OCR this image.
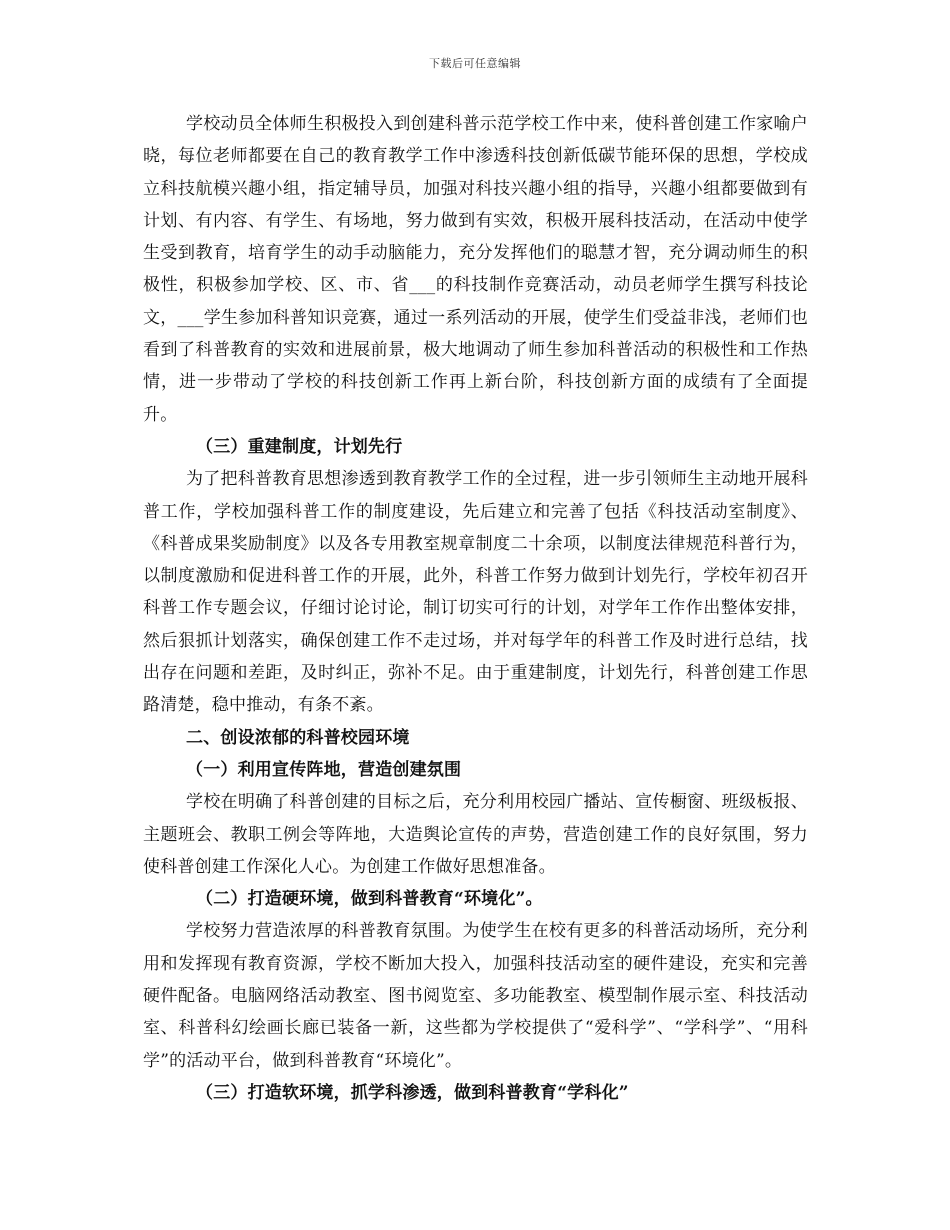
下载后可任意编辑

学校动员全体师生积极投入到创建科普示范学校工作中来，使科普创建工作家喻户晓，每位老师都要在自己的教育教学工作中渗透科技创新低碳节能环保的思想，学校成立科技航模兴趣小组，指定辅导员，加强对科技兴趣小组的指导，兴趣小组都要做到有计划、有内容、有学生、有场地，努力做到有实效，积极开展科技活动，在活动中使学生受到教育，培育学生的动手动脑能力，充分发挥他们的聪慧才智，充分调动师生的积极性，积极参加学校、区、市、省___的科技制作竞赛活动，动员老师学生撰写科技论文，___学生参加科普知识竞赛，通过一系列活动的开展，使学生们受益非浅，老师们也看到了科普教育的实效和进展前景，极大地调动了师生参加科普活动的积极性和工作热情，进一步带动了学校的科技创新工作再上新台阶，科技创新方面的成绩有了全面提升。

（三）重建制度，计划先行

为了把科普教育思想渗透到教育教学工作的全过程，进一步引领师生主动地开展科普工作，学校加强科普工作的制度建设，先后建立和完善了包括《科技活动室制度》、《科普成果奖励制度》以及各专用教室规章制度二十余项，以制度法律规范科普行为，以制度激励和促进科普工作的开展，此外，科普工作努力做到计划先行，学校年初召开科普工作专题会议，仔细讨论讨论，制订切实可行的计划，对学年工作作出整体安排，然后狠抓计划落实，确保创建工作不走过场，并对每学年的科普工作及时进行总结，找出存在问题和差距，及时纠正，弥补不足。由于重建制度，计划先行，科普创建工作思路清楚，稳中推动，有条不紊。

二、创设浓郁的科普校园环境

（一）利用宣传阵地，营造创建氛围

学校在明确了科普创建的目标之后，充分利用校园广播站、宣传橱窗、班级板报、主题班会、教职工例会等阵地，大造舆论宣传的声势，营造创建工作的良好氛围，努力使科普创建工作深化人心。为创建工作做好思想准备。

（二）打造硬环境，做到科普教育“环境化”。

学校努力营造浓厚的科普教育氛围。为使学生在校有更多的科普活动场所，充分利用和发挥现有教育资源，学校不断加大投入，加强科技活动室的硬件建设，充实和完善硬件配备。电脑网络活动教室、图书阅览室、多功能教室、模型制作展示室、科技活动室、科普科幻绘画长廊已装备一新，这些都为学校提供了“爱科学”、“学科学”、“用科学”的活动平台，做到科普教育“环境化”。

（三）打造软环境，抓学科渗透，做到科普教育“学科化”
